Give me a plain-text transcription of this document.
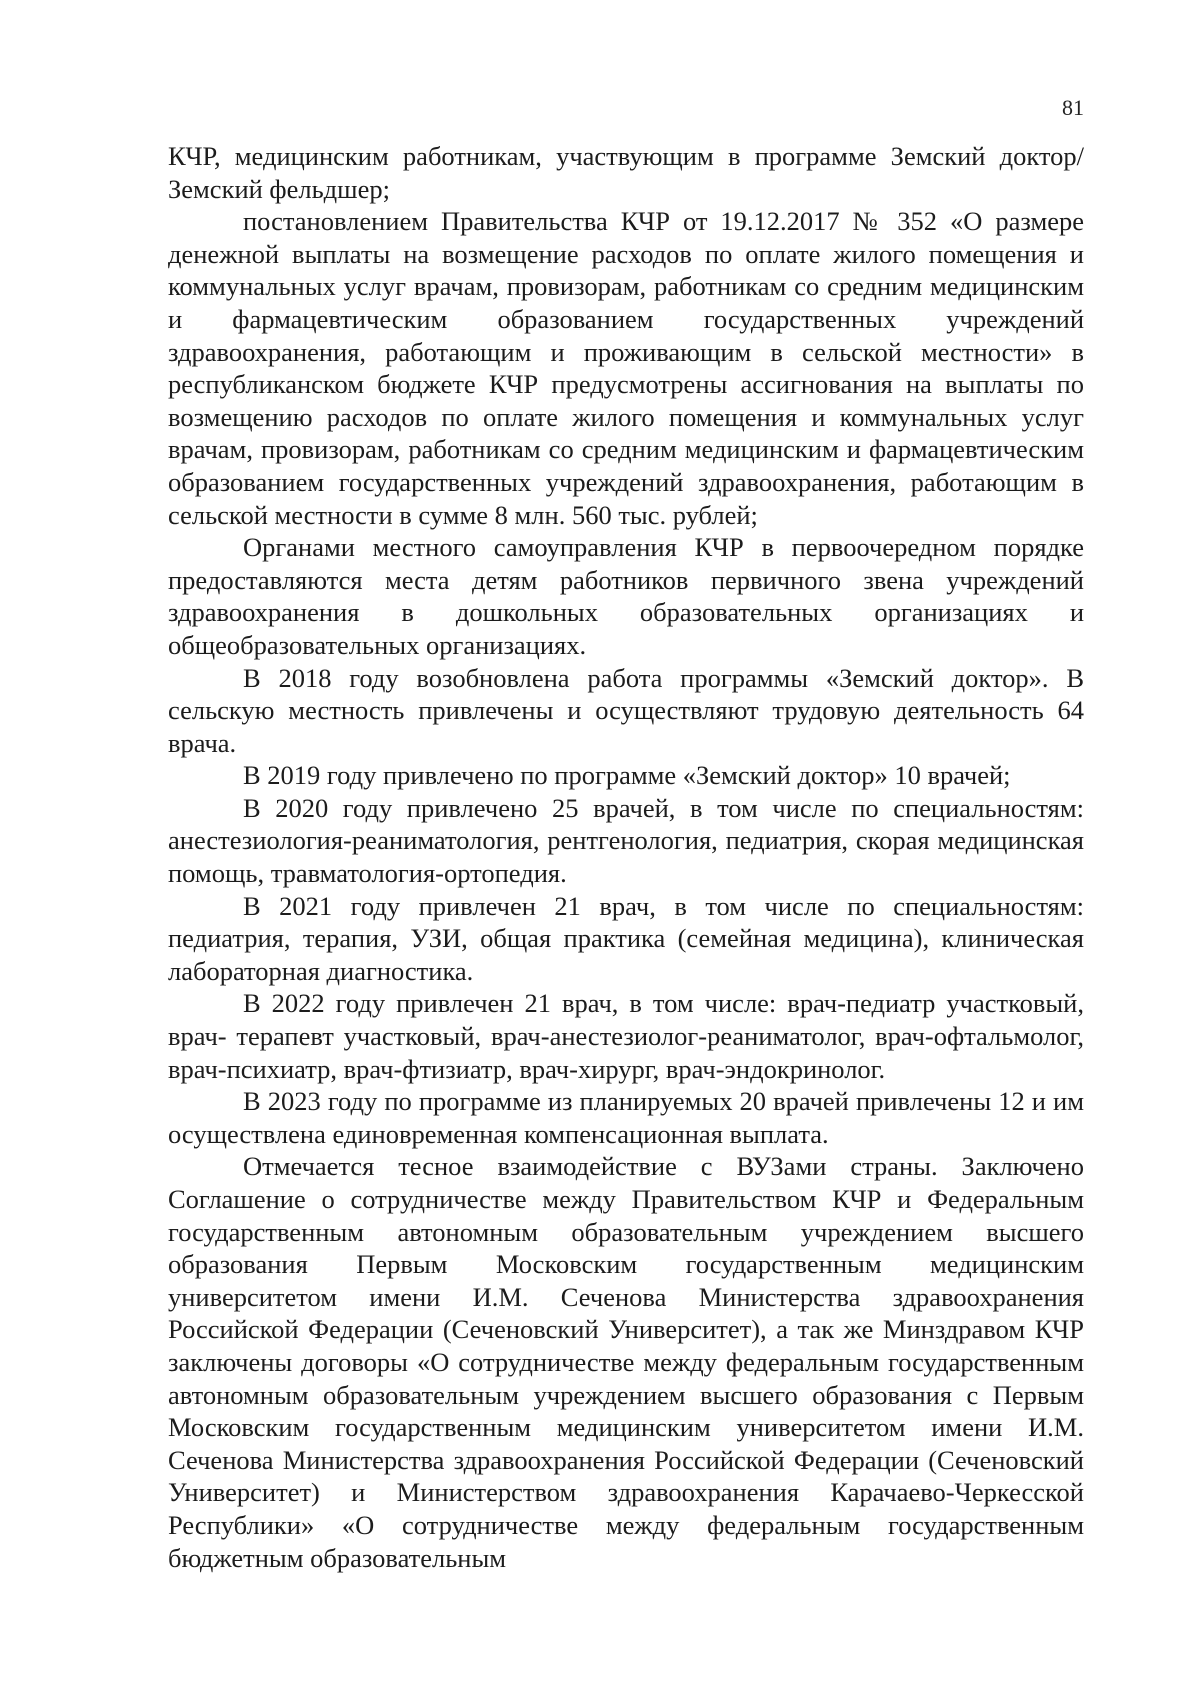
81

КЧР, медицинским работникам, участвующим в программе Земский доктор/Земский фельдшер;

постановлением Правительства КЧР от 19.12.2017 № 352 «О размере денежной выплаты на возмещение расходов по оплате жилого помещения и коммунальных услуг врачам, провизорам, работникам со средним медицинским и фармацевтическим образованием государственных учреждений здравоохранения, работающим и проживающим в сельской местности» в республиканском бюджете КЧР предусмотрены ассигнования на выплаты по возмещению расходов по оплате жилого помещения и коммунальных услуг врачам, провизорам, работникам со средним медицинским и фармацевтическим образованием государственных учреждений здравоохранения, работающим в сельской местности в сумме 8 млн. 560 тыс. рублей;

Органами местного самоуправления КЧР в первоочередном порядке предоставляются места детям работников первичного звена учреждений здравоохранения в дошкольных образовательных организациях и общеобразовательных организациях.

В 2018 году возобновлена работа программы «Земский доктор». В сельскую местность привлечены и осуществляют трудовую деятельность 64 врача.

В 2019 году привлечено по программе «Земский доктор» 10 врачей;

В 2020 году привлечено 25 врачей, в том числе по специальностям: анестезиология-реаниматология, рентгенология, педиатрия, скорая медицинская помощь, травматология-ортопедия.

В 2021 году привлечен 21 врач, в том числе по специальностям: педиатрия, терапия, УЗИ, общая практика (семейная медицина), клиническая лабораторная диагностика.

В 2022 году привлечен 21 врач, в том числе: врач-педиатр участковый, врач- терапевт участковый, врач-анестезиолог-реаниматолог, врач-офтальмолог, врач-психиатр, врач-фтизиатр, врач-хирург, врач-эндокринолог.

В 2023 году по программе из планируемых 20 врачей привлечены 12 и им осуществлена единовременная компенсационная выплата.

Отмечается тесное взаимодействие с ВУЗами страны. Заключено Соглашение о сотрудничестве между Правительством КЧР и Федеральным государственным автономным образовательным учреждением высшего образования Первым Московским государственным медицинским университетом имени И.М. Сеченова Министерства здравоохранения Российской Федерации (Сеченовский Университет), а так же Минздравом КЧР заключены договоры «О сотрудничестве между федеральным государственным автономным образовательным учреждением высшего образования с Первым Московским государственным медицинским университетом имени И.М. Сеченова Министерства здравоохранения Российской Федерации (Сеченовский Университет) и Министерством здравоохранения Карачаево-Черкесской Республики» «О сотрудничестве между федеральным государственным бюджетным образовательным
